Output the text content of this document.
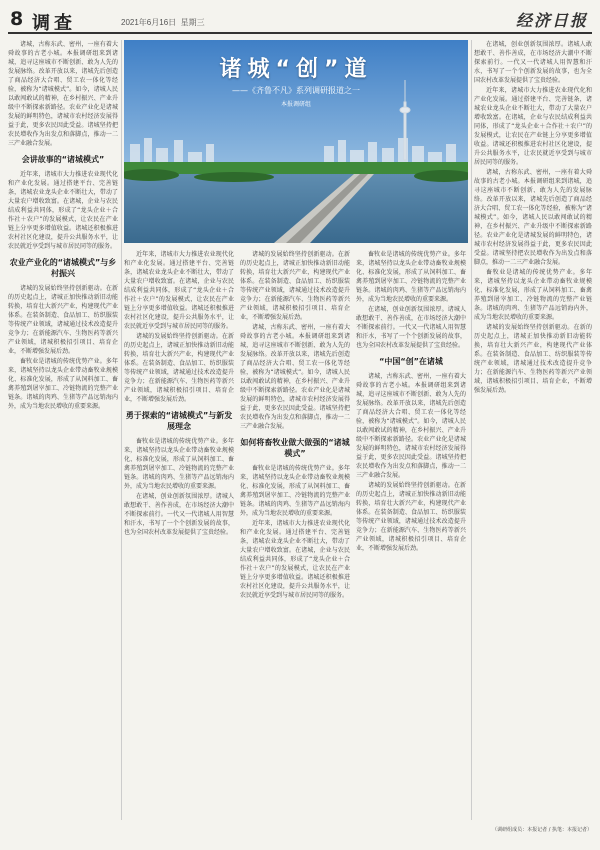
8 调查	2021年6月16日 星期三	经济日报
诸城“创”道
——《齐鲁不凡》系列调研报道之一
本报调研组

诸城，古称东武、密州，一座有着大舜故事的古老小城。本报调研组来到诸城，追寻这座城市不断创新、敢为人先的发展脉络。改革开放以来，诸城先后创造了商品经济大合唱、贸工农一体化等经验，被称为“诸城模式”。如今，诸城人民以敢闯敢试的精神，在乡村振兴、产业升级中不断探索新路径。农业产业化是诸城发展的鲜明特色，诸城市农村经济发展得益于此，更多农民因此受益。诸城坚持把农民增收作为出发点和落脚点，推动一二三产业融合发展。

会讲故事的“诸城模式”

近年来，诸城市大力推进农业现代化和产业化发展。通过搭建平台、完善链条，诸城农业龙头企业不断壮大，带动了大量农户增收致富。在诸城，企业与农民结成利益共同体，形成了“龙头企业＋合作社＋农户”的发展模式，让农民在产业链上分享更多增值收益。诸城还积极推进农村社区化建设，提升公共服务水平，让农民就近享受到与城市居民同等的服务。

农业产业化的“诸城模式”与乡村振兴

诸城的发展始终坚持创新驱动。在新的历史起点上，诸城正加快推动新旧动能转换，培育壮大新兴产业，构建现代产业体系。在装备制造、食品加工、纺织服装等传统产业领域，诸城通过技术改造提升竞争力；在新能源汽车、生物医药等新兴产业领域，诸城积极招引项目、培育企业，不断增强发展后劲。

畜牧业是诸城的传统优势产业。多年来，诸城坚持以龙头企业带动畜牧业规模化、标准化发展，形成了从饲料加工、畜禽养殖到屠宰加工、冷链物流的完整产业链条。诸城的肉鸡、生猪等产品远销海内外，成为当地农民增收的重要来源。

近年来，诸城市大力推进农业现代化和产业化发展。通过搭建平台、完善链条，诸城农业龙头企业不断壮大，带动了大量农户增收致富。在诸城，企业与农民结成利益共同体，形成了“龙头企业＋合作社＋农户”的发展模式，让农民在产业链上分享更多增值收益。诸城还积极推进农村社区化建设，提升公共服务水平，让农民就近享受到与城市居民同等的服务。

诸城的发展始终坚持创新驱动。在新的历史起点上，诸城正加快推动新旧动能转换，培育壮大新兴产业，构建现代产业体系。在装备制造、食品加工、纺织服装等传统产业领域，诸城通过技术改造提升竞争力；在新能源汽车、生物医药等新兴产业领域，诸城积极招引项目、培育企业，不断增强发展后劲。

勇于探索的“诸城模式”与新发展理念

畜牧业是诸城的传统优势产业。多年来，诸城坚持以龙头企业带动畜牧业规模化、标准化发展，形成了从饲料加工、畜禽养殖到屠宰加工、冷链物流的完整产业链条。诸城的肉鸡、生猪等产品远销海内外，成为当地农民增收的重要来源。

在诸城，创业创新氛围浓厚。诸城人敢想敢干、善作善成，在市场经济大潮中不断探索前行。一代又一代诸城人用智慧和汗水，书写了一个个创新发展的故事，也为全国农村改革发展提供了宝贵经验。

诸城的发展始终坚持创新驱动。在新的历史起点上，诸城正加快推动新旧动能转换，培育壮大新兴产业，构建现代产业体系。在装备制造、食品加工、纺织服装等传统产业领域，诸城通过技术改造提升竞争力；在新能源汽车、生物医药等新兴产业领域，诸城积极招引项目、培育企业，不断增强发展后劲。

诸城，古称东武、密州，一座有着大舜故事的古老小城。本报调研组来到诸城，追寻这座城市不断创新、敢为人先的发展脉络。改革开放以来，诸城先后创造了商品经济大合唱、贸工农一体化等经验，被称为“诸城模式”。如今，诸城人民以敢闯敢试的精神，在乡村振兴、产业升级中不断探索新路径。农业产业化是诸城发展的鲜明特色，诸城市农村经济发展得益于此，更多农民因此受益。诸城坚持把农民增收作为出发点和落脚点，推动一二三产业融合发展。

如何将畜牧业做大做强的“诸城模式”

畜牧业是诸城的传统优势产业。多年来，诸城坚持以龙头企业带动畜牧业规模化、标准化发展，形成了从饲料加工、畜禽养殖到屠宰加工、冷链物流的完整产业链条。诸城的肉鸡、生猪等产品远销海内外，成为当地农民增收的重要来源。

近年来，诸城市大力推进农业现代化和产业化发展。通过搭建平台、完善链条，诸城农业龙头企业不断壮大，带动了大量农户增收致富。在诸城，企业与农民结成利益共同体，形成了“龙头企业＋合作社＋农户”的发展模式，让农民在产业链上分享更多增值收益。诸城还积极推进农村社区化建设，提升公共服务水平，让农民就近享受到与城市居民同等的服务。

畜牧业是诸城的传统优势产业。多年来，诸城坚持以龙头企业带动畜牧业规模化、标准化发展，形成了从饲料加工、畜禽养殖到屠宰加工、冷链物流的完整产业链条。诸城的肉鸡、生猪等产品远销海内外，成为当地农民增收的重要来源。

在诸城，创业创新氛围浓厚。诸城人敢想敢干、善作善成，在市场经济大潮中不断探索前行。一代又一代诸城人用智慧和汗水，书写了一个个创新发展的故事，也为全国农村改革发展提供了宝贵经验。

“中国“创”在诸城

诸城，古称东武、密州，一座有着大舜故事的古老小城。本报调研组来到诸城，追寻这座城市不断创新、敢为人先的发展脉络。改革开放以来，诸城先后创造了商品经济大合唱、贸工农一体化等经验，被称为“诸城模式”。如今，诸城人民以敢闯敢试的精神，在乡村振兴、产业升级中不断探索新路径。农业产业化是诸城发展的鲜明特色，诸城市农村经济发展得益于此，更多农民因此受益。诸城坚持把农民增收作为出发点和落脚点，推动一二三产业融合发展。

诸城的发展始终坚持创新驱动。在新的历史起点上，诸城正加快推动新旧动能转换，培育壮大新兴产业，构建现代产业体系。在装备制造、食品加工、纺织服装等传统产业领域，诸城通过技术改造提升竞争力；在新能源汽车、生物医药等新兴产业领域，诸城积极招引项目、培育企业，不断增强发展后劲。

在诸城，创业创新氛围浓厚。诸城人敢想敢干、善作善成，在市场经济大潮中不断探索前行。一代又一代诸城人用智慧和汗水，书写了一个个创新发展的故事，也为全国农村改革发展提供了宝贵经验。

近年来，诸城市大力推进农业现代化和产业化发展。通过搭建平台、完善链条，诸城农业龙头企业不断壮大，带动了大量农户增收致富。在诸城，企业与农民结成利益共同体，形成了“龙头企业＋合作社＋农户”的发展模式，让农民在产业链上分享更多增值收益。诸城还积极推进农村社区化建设，提升公共服务水平，让农民就近享受到与城市居民同等的服务。

诸城，古称东武、密州，一座有着大舜故事的古老小城。本报调研组来到诸城，追寻这座城市不断创新、敢为人先的发展脉络。改革开放以来，诸城先后创造了商品经济大合唱、贸工农一体化等经验，被称为“诸城模式”。如今，诸城人民以敢闯敢试的精神，在乡村振兴、产业升级中不断探索新路径。农业产业化是诸城发展的鲜明特色，诸城市农村经济发展得益于此，更多农民因此受益。诸城坚持把农民增收作为出发点和落脚点，推动一二三产业融合发展。

畜牧业是诸城的传统优势产业。多年来，诸城坚持以龙头企业带动畜牧业规模化、标准化发展，形成了从饲料加工、畜禽养殖到屠宰加工、冷链物流的完整产业链条。诸城的肉鸡、生猪等产品远销海内外，成为当地农民增收的重要来源。

诸城的发展始终坚持创新驱动。在新的历史起点上，诸城正加快推动新旧动能转换，培育壮大新兴产业，构建现代产业体系。在装备制造、食品加工、纺织服装等传统产业领域，诸城通过技术改造提升竞争力；在新能源汽车、生物医药等新兴产业领域，诸城积极招引项目、培育企业，不断增强发展后劲。

（调研组成员：本报记者 / 执笔：本报记者）
